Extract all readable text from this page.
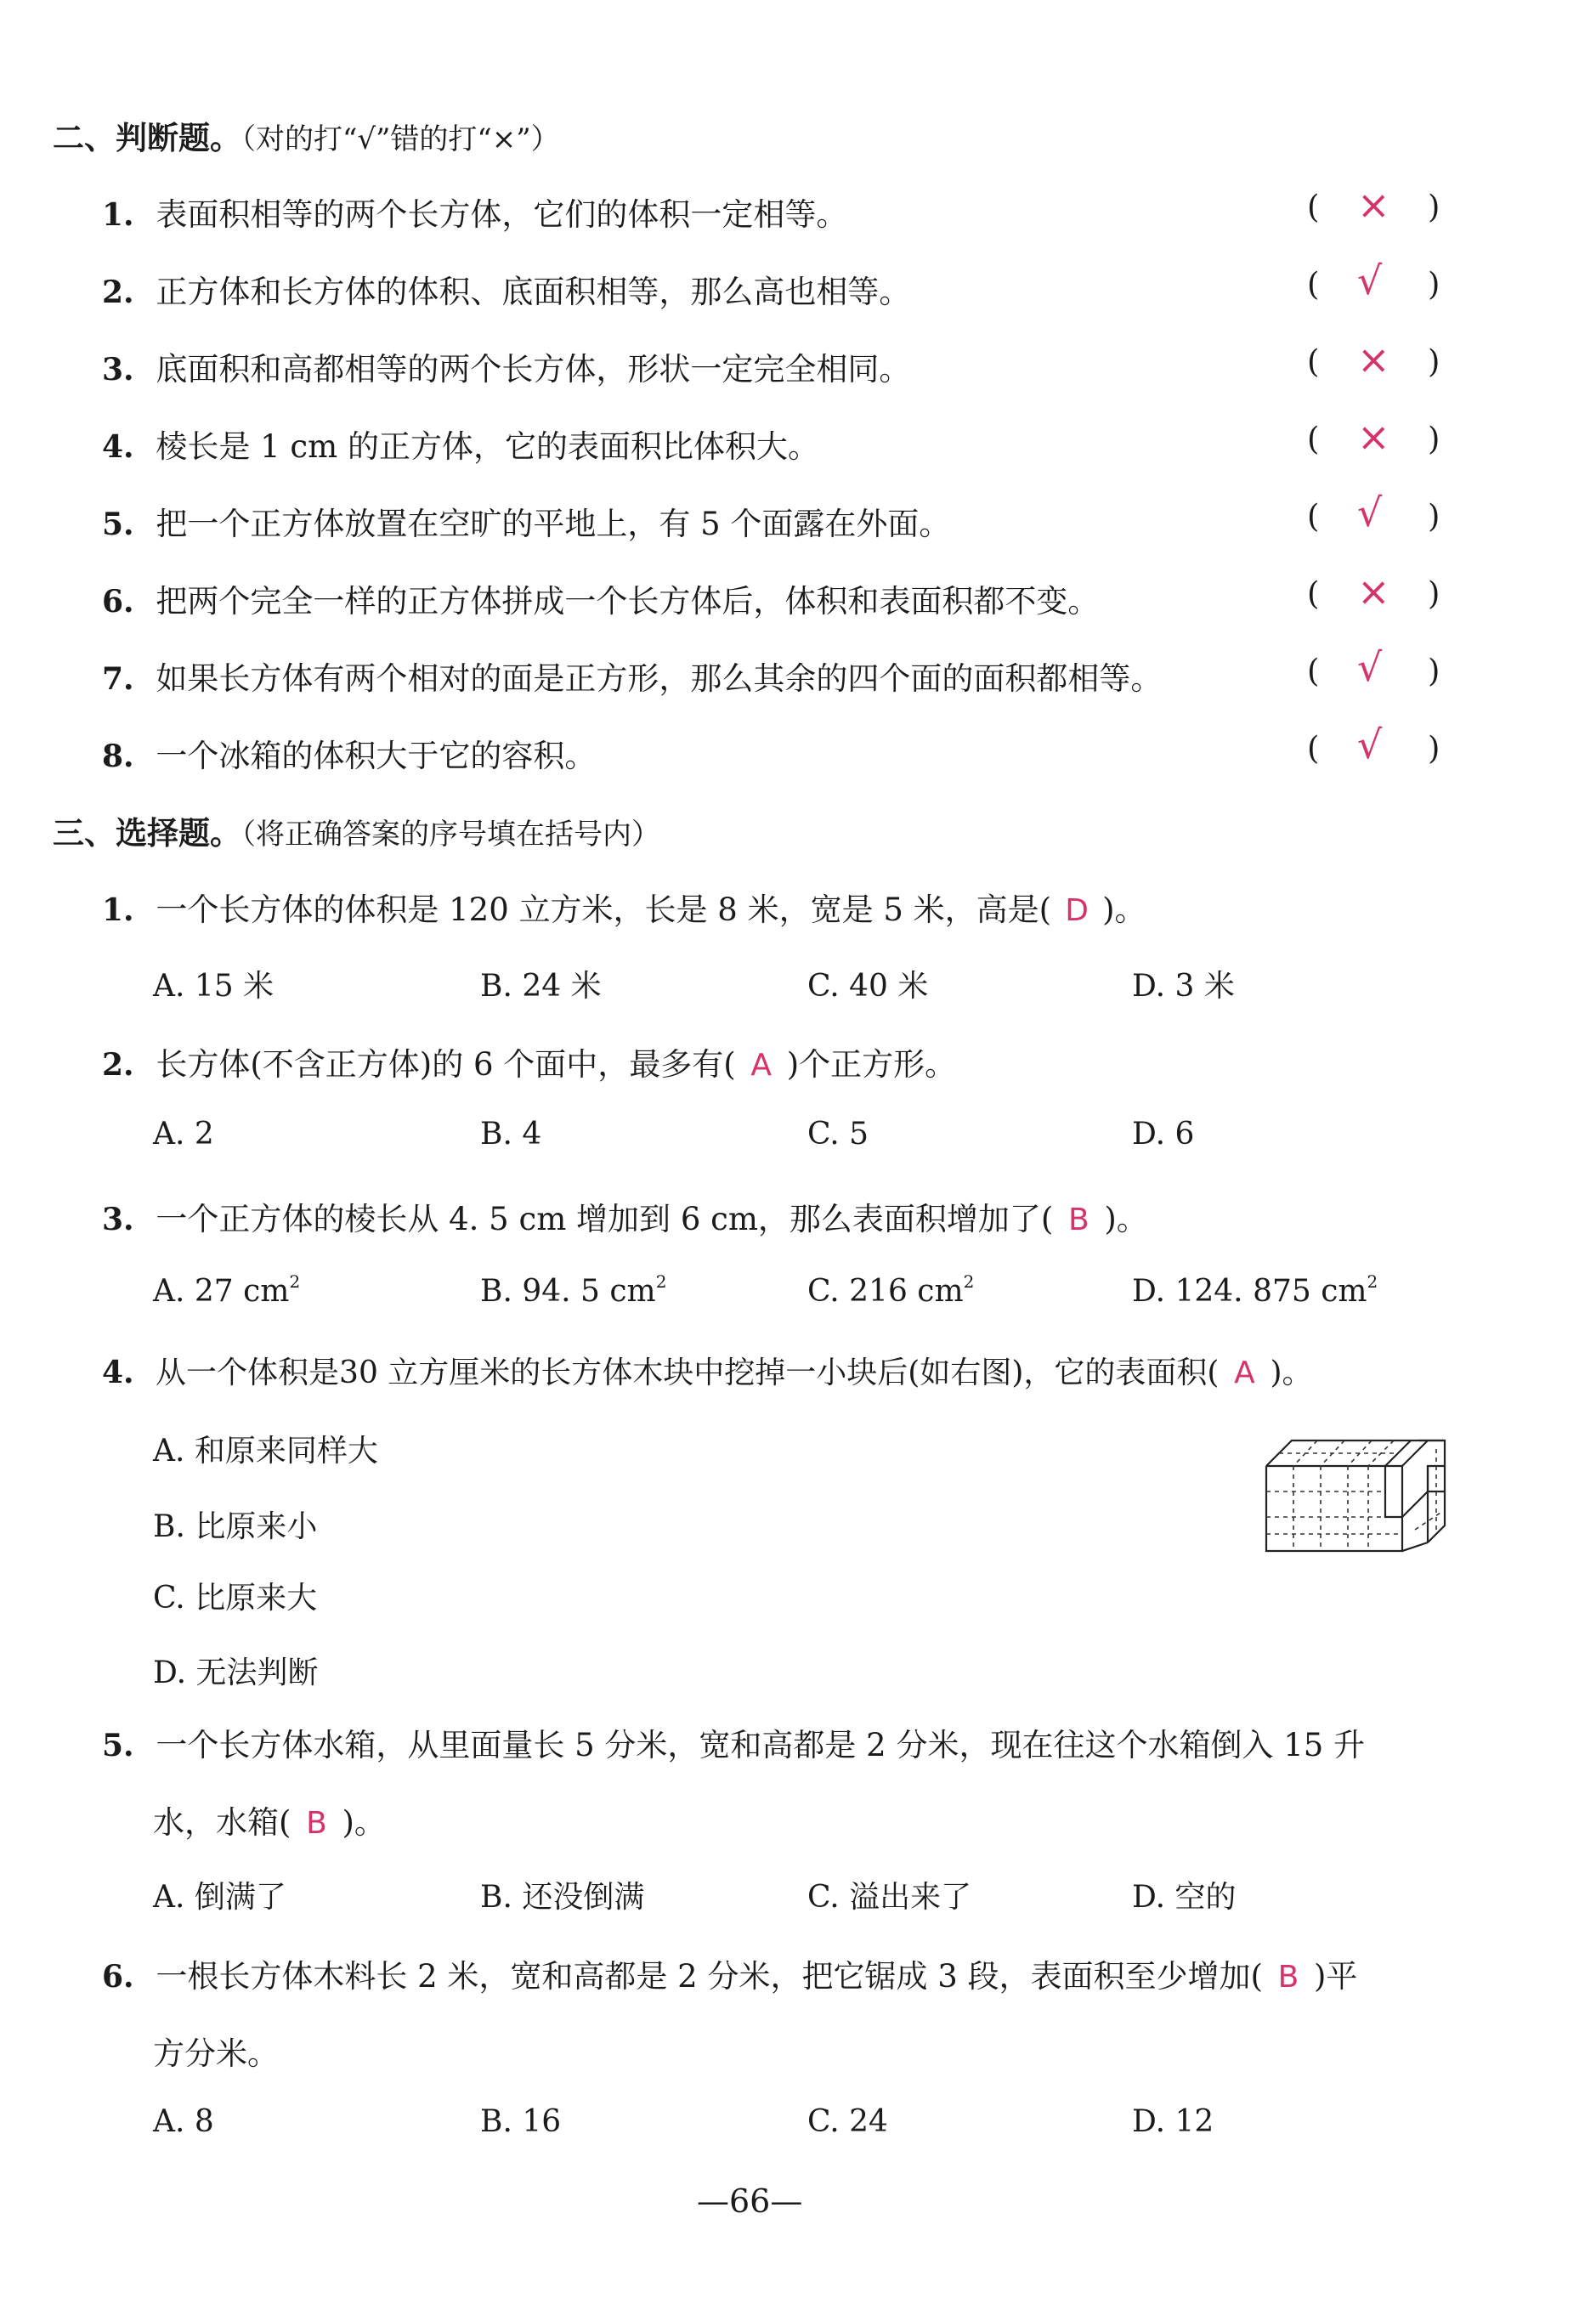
二、判断题。（对的打“√”错的打“×”）
1. 表面积相等的两个长方体，它们的体积一定相等。	( × )
2. 正方体和长方体的体积、底面积相等，那么高也相等。	( √ )
3. 底面积和高都相等的两个长方体，形状一定完全相同。	( × )
4. 棱长是 1 cm 的正方体，它的表面积比体积大。	( × )
5. 把一个正方体放置在空旷的平地上，有 5 个面露在外面。	( √ )
6. 把两个完全一样的正方体拼成一个长方体后，体积和表面积都不变。	( × )
7. 如果长方体有两个相对的面是正方形，那么其余的四个面的面积都相等。	( √ )
8. 一个冰箱的体积大于它的容积。	( √ )
三、选择题。（将正确答案的序号填在括号内）
1. 一个长方体的体积是 120 立方米，长是 8 米，宽是 5 米，高是( D )。
A. 15 米	B. 24 米	C. 40 米	D. 3 米
2. 长方体(不含正方体)的 6 个面中，最多有( A )个正方形。
A. 2	B. 4	C. 5	D. 6
3. 一个正方体的棱长从 4. 5 cm 增加到 6 cm，那么表面积增加了( B )。
A. 27 $cm^2$	B. 94. 5 $cm^2$	C. 216 $cm^2$	D. 124. 875 $cm^2$
4. 从一个体积是30 立方厘米的长方体木块中挖掉一小块后(如右图)，它的表面积( A )。
A. 和原来同样大
B. 比原来小
C. 比原来大
D. 无法判断
5. 一个长方体水箱，从里面量长 5 分米，宽和高都是 2 分米，现在往这个水箱倒入 15 升
水，水箱( B )。
A. 倒满了	B. 还没倒满	C. 溢出来了	D. 空的
6. 一根长方体木料长 2 米，宽和高都是 2 分米，把它锯成 3 段，表面积至少增加( B )平
方分米。
A. 8	B. 16	C. 24	D. 12
—66—
